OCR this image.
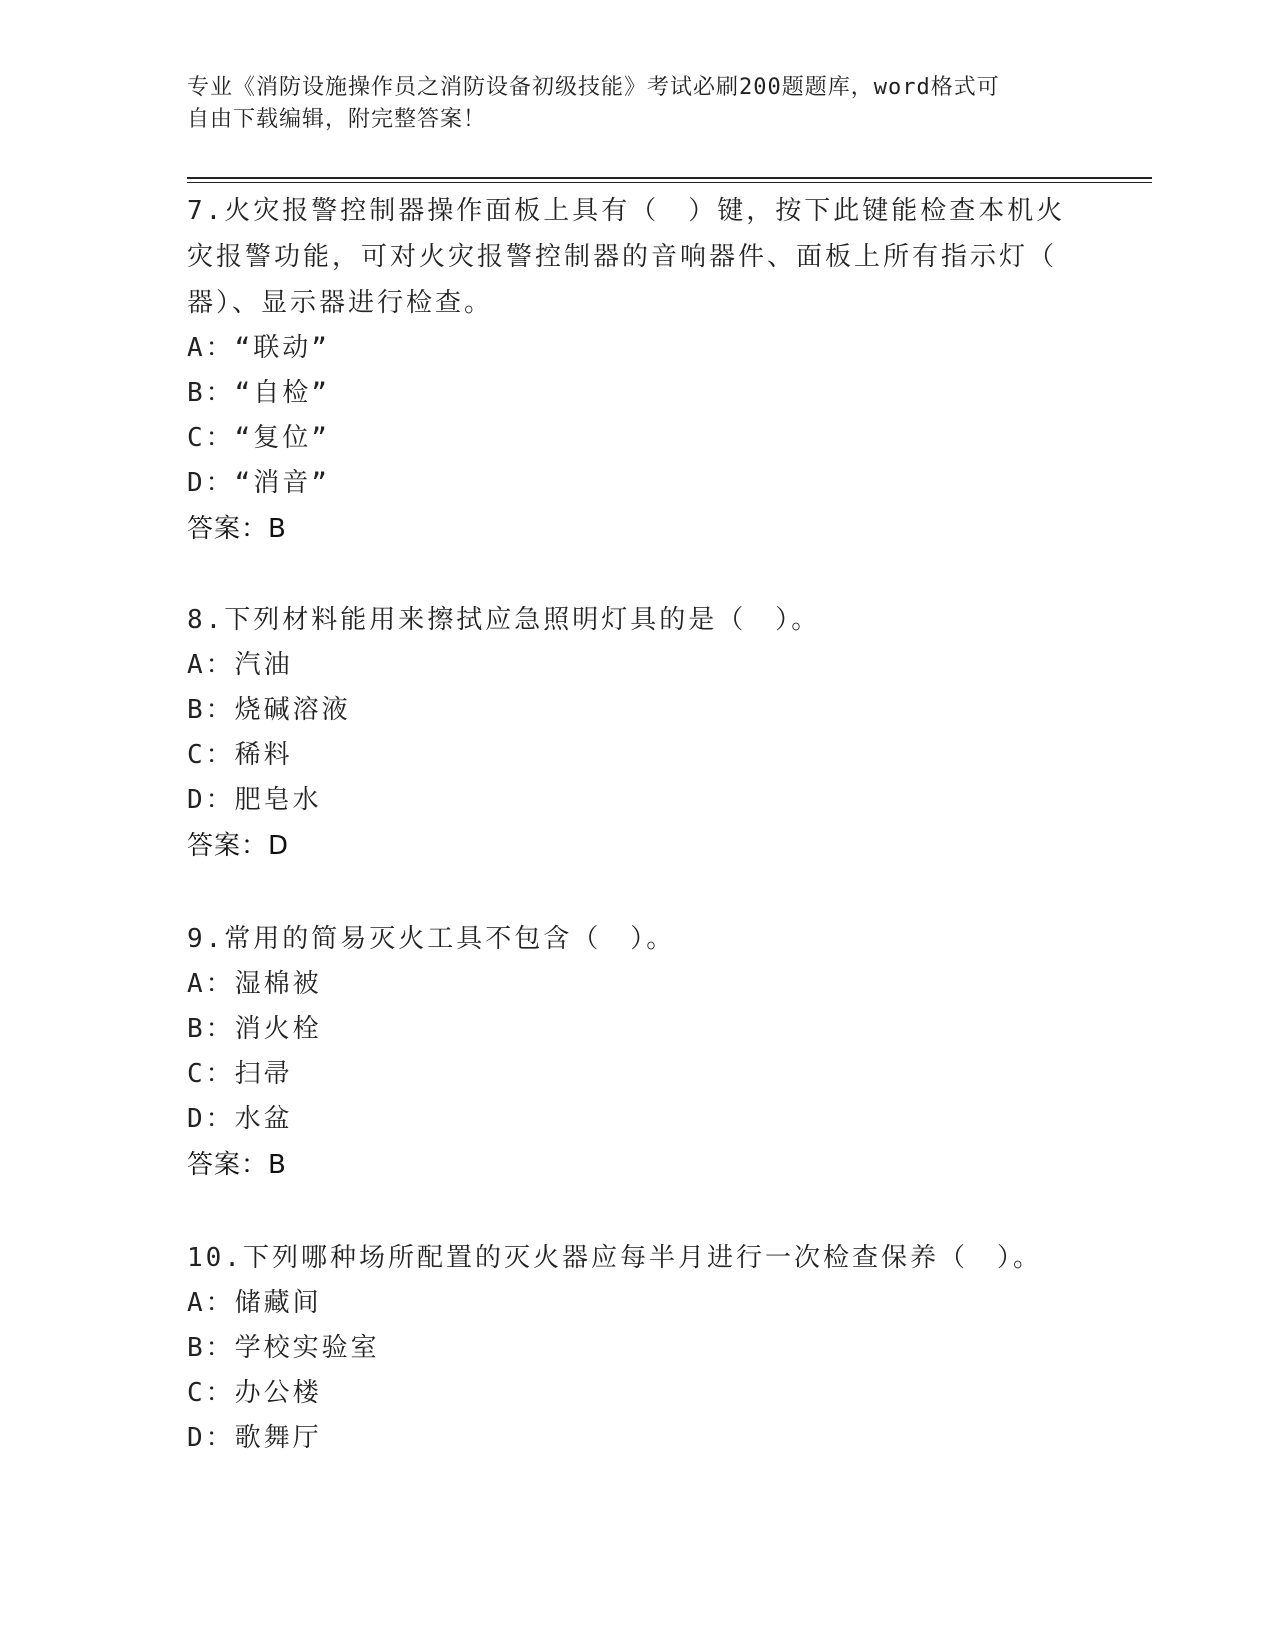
专业《消防设施操作员之消防设备初级技能》考试必刷200题题库，word格式可
自由下载编辑，附完整答案！
7.火灾报警控制器操作面板上具有（　）键，按下此键能检查本机火
灾报警功能，可对火灾报警控制器的音响器件、面板上所有指示灯（
器）、显示器进行检查。
A：“联动”
B：“自检”
C：“复位”
D：“消音”
答案：B
8.下列材料能用来擦拭应急照明灯具的是（　）。
A：汽油
B：烧碱溶液
C：稀料
D：肥皂水
答案：D
9.常用的简易灭火工具不包含（　）。
A：湿棉被
B：消火栓
C：扫帚
D：水盆
答案：B
10.下列哪种场所配置的灭火器应每半月进行一次检查保养（　）。
A：储藏间
B：学校实验室
C：办公楼
D：歌舞厅
